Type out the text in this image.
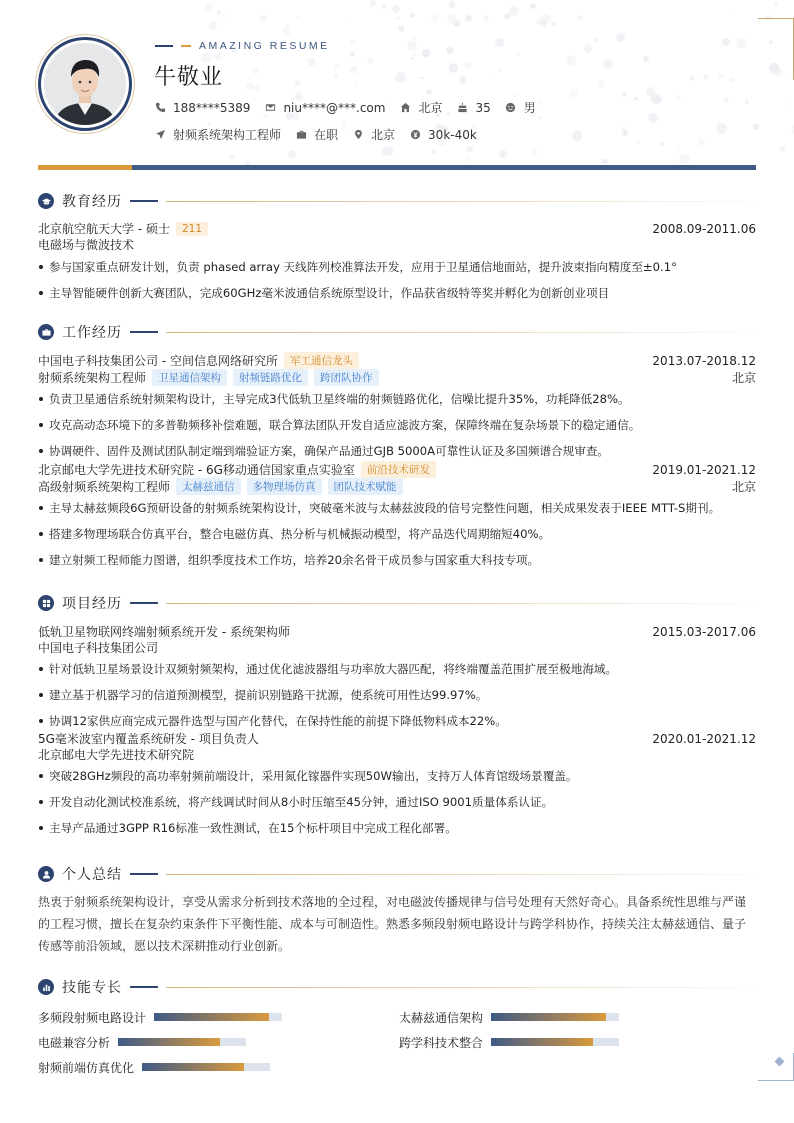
AMAZING RESUME
牛敬业
188****5389	niu****@***.com	北京	35	男
射频系统架构工程师	在职	北京	30k-40k
教育经历
北京航空航天大学 - 硕士	211	2008.09-2011.06
电磁场与微波技术
参与国家重点研发计划，负责 phased array 天线阵列校准算法开发，应用于卫星通信地面站，提升波束指向精度至±0.1°
主导智能硬件创新大赛团队，完成60GHz毫米波通信系统原型设计，作品获省级特等奖并孵化为创新创业项目
工作经历
中国电子科技集团公司 - 空间信息网络研究所	军工通信龙头	2013.07-2018.12
射频系统架构工程师	卫星通信架构	射频链路优化	跨团队协作	北京
负责卫星通信系统射频架构设计，主导完成3代低轨卫星终端的射频链路优化，信噪比提升35%，功耗降低28%。
攻克高动态环境下的多普勒频移补偿难题，联合算法团队开发自适应滤波方案，保障终端在复杂场景下的稳定通信。
协调硬件、固件及测试团队制定端到端验证方案，确保产品通过GJB 5000A可靠性认证及多国频谱合规审查。
北京邮电大学先进技术研究院 - 6G移动通信国家重点实验室	前沿技术研发	2019.01-2021.12
高级射频系统架构工程师	太赫兹通信	多物理场仿真	团队技术赋能	北京
主导太赫兹频段6G预研设备的射频系统架构设计，突破毫米波与太赫兹波段的信号完整性问题，相关成果发表于IEEE MTT-S期刊。
搭建多物理场联合仿真平台，整合电磁仿真、热分析与机械振动模型，将产品迭代周期缩短40%。
建立射频工程师能力图谱，组织季度技术工作坊，培养20余名骨干成员参与国家重大科技专项。
项目经历
低轨卫星物联网终端射频系统开发 - 系统架构师	2015.03-2017.06
中国电子科技集团公司
针对低轨卫星场景设计双频射频架构，通过优化滤波器组与功率放大器匹配，将终端覆盖范围扩展至极地海域。
建立基于机器学习的信道预测模型，提前识别链路干扰源，使系统可用性达99.97%。
协调12家供应商完成元器件选型与国产化替代，在保持性能的前提下降低物料成本22%。
5G毫米波室内覆盖系统研发 - 项目负责人	2020.01-2021.12
北京邮电大学先进技术研究院
突破28GHz频段的高功率射频前端设计，采用氮化镓器件实现50W输出，支持万人体育馆级场景覆盖。
开发自动化测试校准系统，将产线调试时间从8小时压缩至45分钟，通过ISO 9001质量体系认证。
主导产品通过3GPP R16标准一致性测试，在15个标杆项目中完成工程化部署。
个人总结
热衷于射频系统架构设计，享受从需求分析到技术落地的全过程，对电磁波传播规律与信号处理有天然好奇心。具备系统性思维与严谨的工程习惯，擅长在复杂约束条件下平衡性能、成本与可制造性。熟悉多频段射频电路设计与跨学科协作，持续关注太赫兹通信、量子传感等前沿领域，愿以技术深耕推动行业创新。
技能专长
多频段射频电路设计	太赫兹通信架构
电磁兼容分析	跨学科技术整合
射频前端仿真优化
